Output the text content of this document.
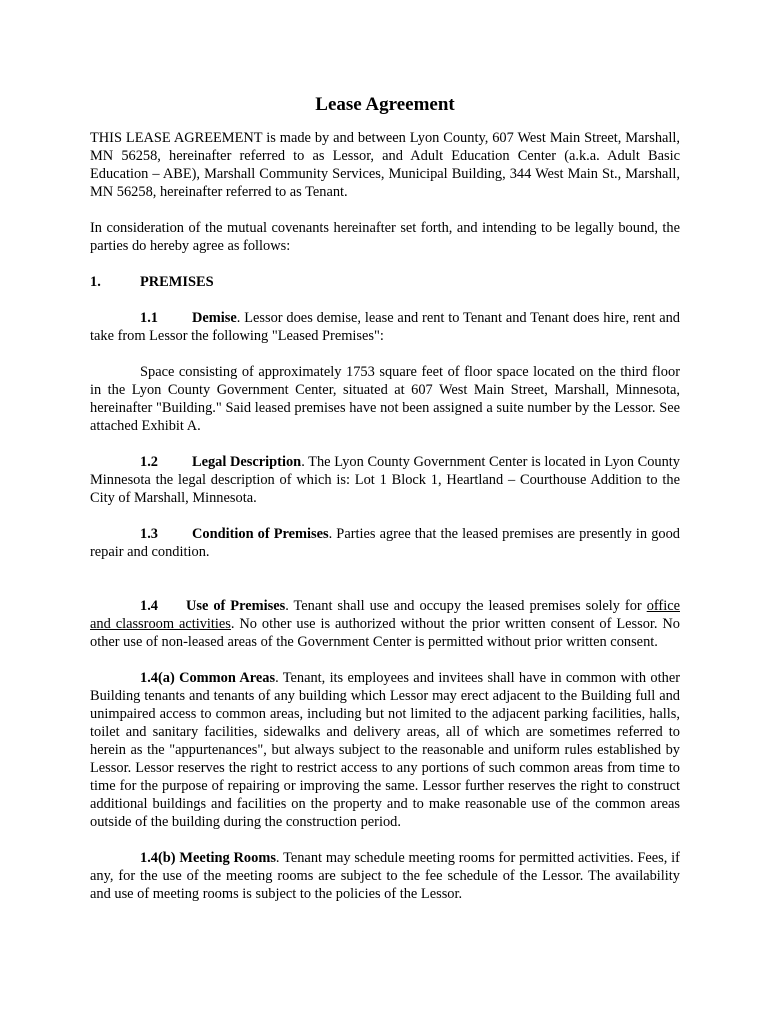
Lease Agreement

THIS LEASE AGREEMENT is made by and between Lyon County, 607 West Main Street, Marshall, MN 56258, hereinafter referred to as Lessor, and Adult Education Center (a.k.a. Adult Basic Education – ABE), Marshall Community Services, Municipal Building, 344 West Main St., Marshall, MN 56258, hereinafter referred to as Tenant.

In consideration of the mutual covenants hereinafter set forth, and intending to be legally bound, the parties do hereby agree as follows:

1.	PREMISES

1.1 Demise. Lessor does demise, lease and rent to Tenant and Tenant does hire, rent and take from Lessor the following "Leased Premises":

Space consisting of approximately 1753 square feet of floor space located on the third floor in the Lyon County Government Center, situated at 607 West Main Street, Marshall, Minnesota, hereinafter "Building." Said leased premises have not been assigned a suite number by the Lessor. See attached Exhibit A.

1.2 Legal Description. The Lyon County Government Center is located in Lyon County Minnesota the legal description of which is: Lot 1 Block 1, Heartland – Courthouse Addition to the City of Marshall, Minnesota.

1.3 Condition of Premises. Parties agree that the leased premises are presently in good repair and condition.

1.4 Use of Premises. Tenant shall use and occupy the leased premises solely for office and classroom activities. No other use is authorized without the prior written consent of Lessor. No other use of non-leased areas of the Government Center is permitted without prior written consent.

1.4(a) Common Areas. Tenant, its employees and invitees shall have in common with other Building tenants and tenants of any building which Lessor may erect adjacent to the Building full and unimpaired access to common areas, including but not limited to the adjacent parking facilities, halls, toilet and sanitary facilities, sidewalks and delivery areas, all of which are sometimes referred to herein as the "appurtenances", but always subject to the reasonable and uniform rules established by Lessor. Lessor reserves the right to restrict access to any portions of such common areas from time to time for the purpose of repairing or improving the same. Lessor further reserves the right to construct additional buildings and facilities on the property and to make reasonable use of the common areas outside of the building during the construction period.

1.4(b) Meeting Rooms. Tenant may schedule meeting rooms for permitted activities. Fees, if any, for the use of the meeting rooms are subject to the fee schedule of the Lessor. The availability and use of meeting rooms is subject to the policies of the Lessor.
